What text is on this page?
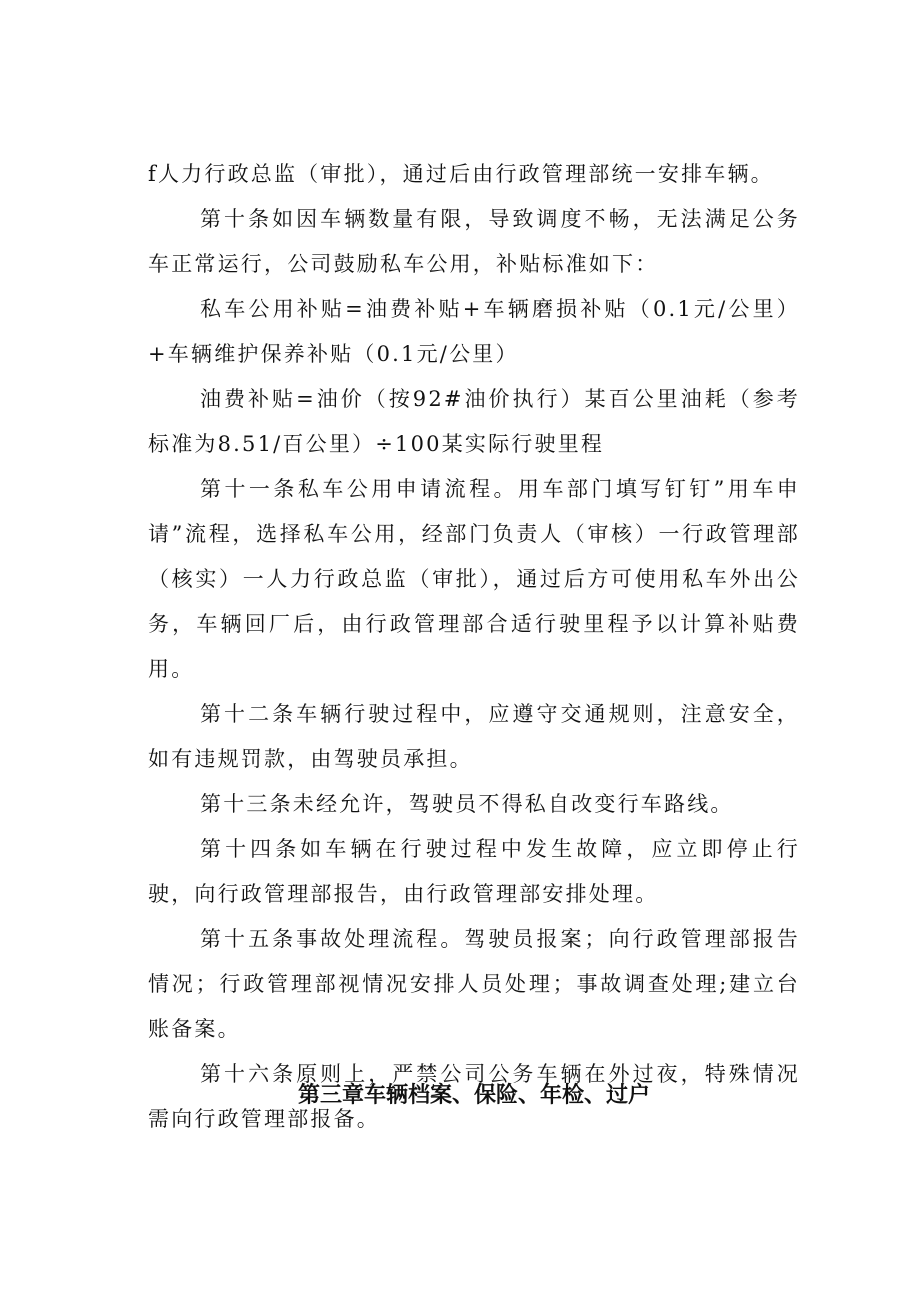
f人力行政总监（审批），通过后由行政管理部统一安排车辆。

第十条如因车辆数量有限，导致调度不畅，无法满足公务车正常运行，公司鼓励私车公用，补贴标准如下：

私车公用补贴=油费补贴+车辆磨损补贴（0.1元/公里）+车辆维护保养补贴（0.1元/公里）

油费补贴=油价（按92#油价执行）某百公里油耗（参考标准为8.51/百公里）÷100某实际行驶里程

第十一条私车公用申请流程。用车部门填写钉钉”用车申请”流程，选择私车公用，经部门负责人（审核）一行政管理部（核实）一人力行政总监（审批），通过后方可使用私车外出公务，车辆回厂后，由行政管理部合适行驶里程予以计算补贴费用。

第十二条车辆行驶过程中，应遵守交通规则，注意安全，如有违规罚款，由驾驶员承担。

第十三条未经允许，驾驶员不得私自改变行车路线。

第十四条如车辆在行驶过程中发生故障，应立即停止行驶，向行政管理部报告，由行政管理部安排处理。

第十五条事故处理流程。驾驶员报案；向行政管理部报告情况；行政管理部视情况安排人员处理；事故调查处理;建立台账备案。

第十六条原则上，严禁公司公务车辆在外过夜，特殊情况需向行政管理部报备。

第三章车辆档案、保险、年检、过户
